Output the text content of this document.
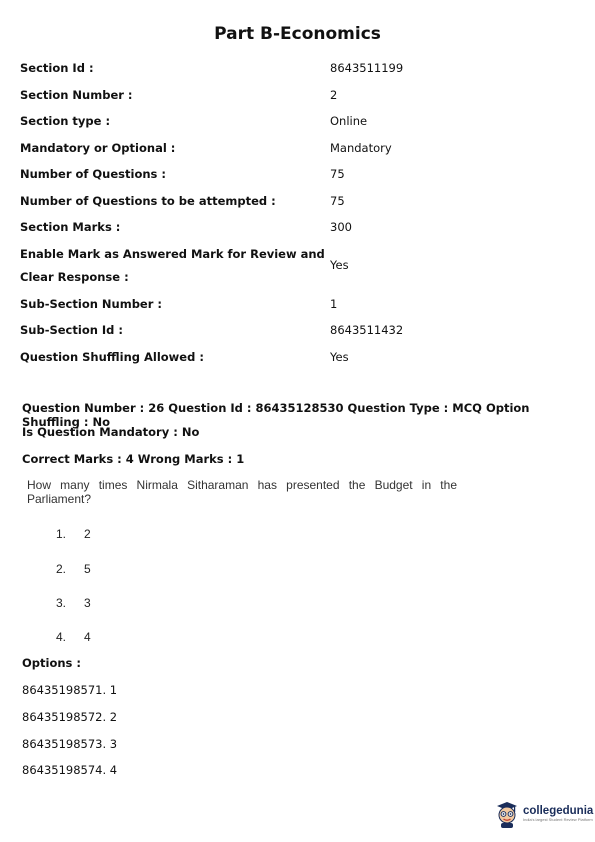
Part B-Economics
Section Id :	8643511199
Section Number :	2
Section type :	Online
Mandatory or Optional :	Mandatory
Number of Questions :	75
Number of Questions to be attempted :	75
Section Marks :	300
Enable Mark as Answered Mark for Review and Clear Response :
Yes
Sub-Section Number :	1
Sub-Section Id :	8643511432
Question Shuffling Allowed :	Yes
Question Number : 26 Question Id : 86435128530 Question Type : MCQ Option Shuffling : No
Is Question Mandatory : No
Correct Marks : 4 Wrong Marks : 1
How many times Nirmala Sitharaman has presented the Budget in the Parliament?
1. 2
2. 5
3. 3
4. 4
Options :
86435198571. 1
86435198572. 2
86435198573. 3
86435198574. 4
collegedunia
India's largest Student Review Platform
